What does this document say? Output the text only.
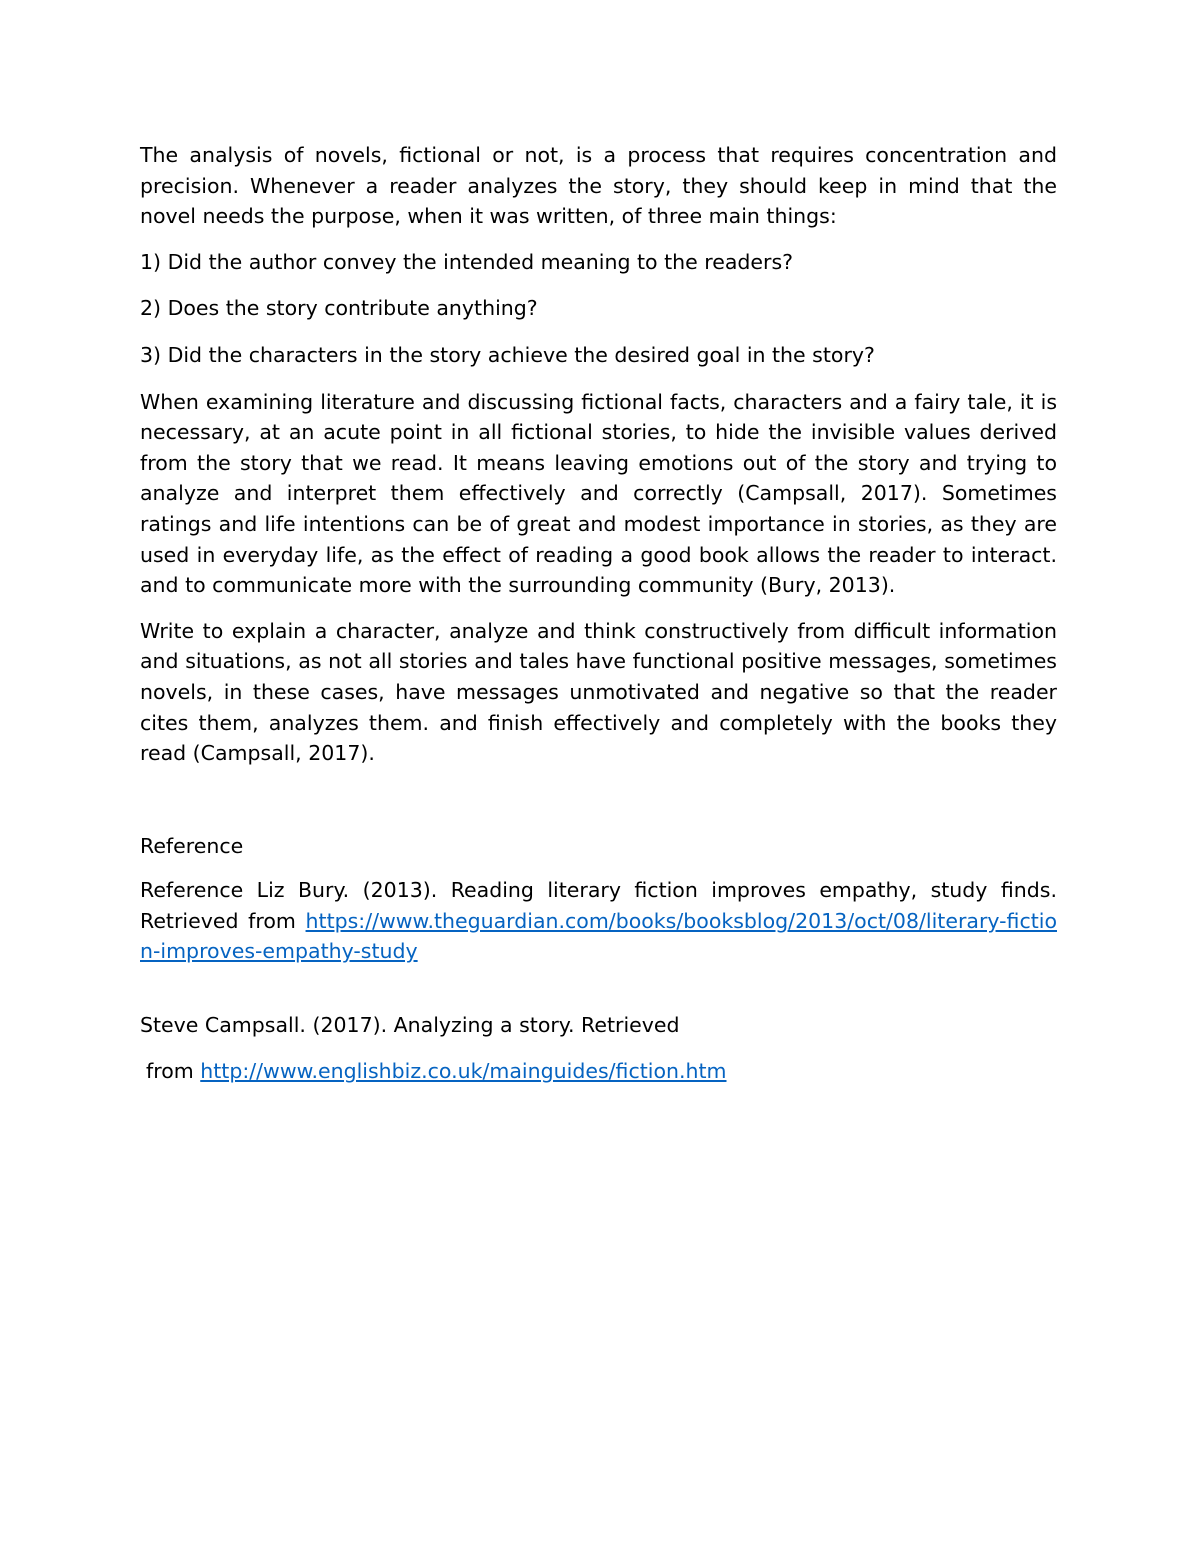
The analysis of novels, fictional or not, is a process that requires concentration and precision. Whenever a reader analyzes the story, they should keep in mind that the novel needs the purpose, when it was written, of three main things:

1) Did the author convey the intended meaning to the readers?

2) Does the story contribute anything?

3) Did the characters in the story achieve the desired goal in the story?

When examining literature and discussing fictional facts, characters and a fairy tale, it is necessary, at an acute point in all fictional stories, to hide the invisible values derived from the story that we read. It means leaving emotions out of the story and trying to analyze and interpret them effectively and correctly (Campsall, 2017). Sometimes ratings and life intentions can be of great and modest importance in stories, as they are used in everyday life, as the effect of reading a good book allows the reader to interact. and to communicate more with the surrounding community (Bury, 2013).

Write to explain a character, analyze and think constructively from difficult information and situations, as not all stories and tales have functional positive messages, sometimes novels, in these cases, have messages unmotivated and negative so that the reader cites them, analyzes them. and finish effectively and completely with the books they read (Campsall, 2017).

Reference

Reference Liz Bury. (2013). Reading literary fiction improves empathy, study finds. Retrieved from https://www.theguardian.com/books/booksblog/2013/oct/08/literary-fiction-improves-empathy-study

Steve Campsall. (2017). Analyzing a story. Retrieved

from http://www.englishbiz.co.uk/mainguides/fiction.htm
